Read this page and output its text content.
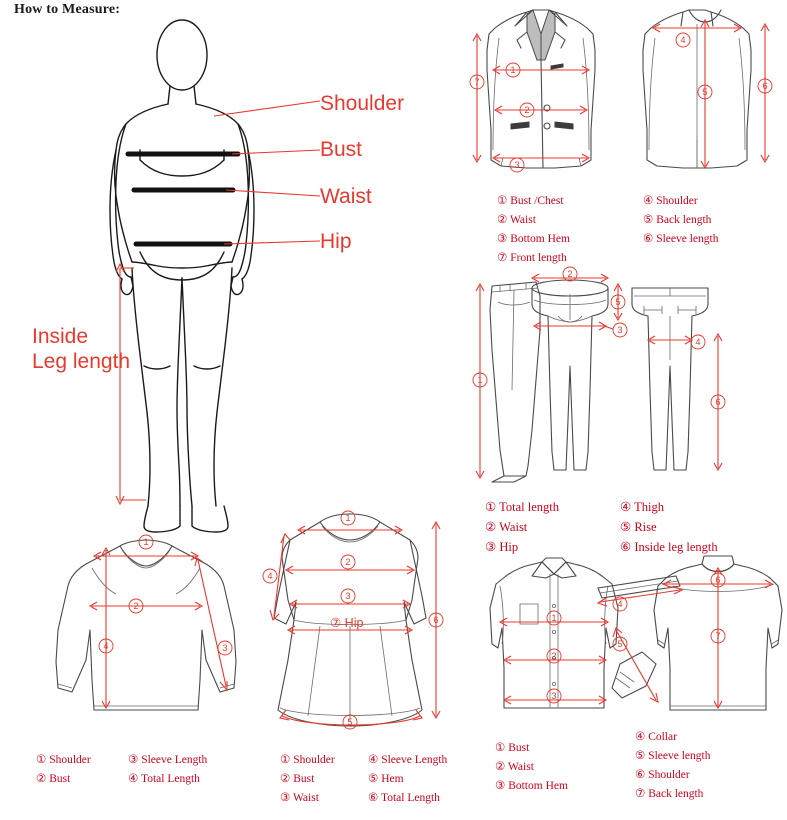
How to Measure:
Shoulder
Bust
Waist
Hip
Inside
Leg length
1
2
3
7
4
5
6
① Bust /Chest
② Waist
③ Bottom Hem
⑦ Front length
④ Shoulder
⑤ Back length
⑥ Sleeve length
1
2
3
5
4
6
① Total length
② Waist
③ Hip
④ Thigh
⑤ Rise
⑥ Inside leg length
1
2
3
4
① Shoulder
② Bust
③ Sleeve Length
④ Total Length
1
2
3
4
5
6
⑦ Hip
① Shoulder
② Bust
③ Waist
④ Sleeve Length
⑤ Hem
⑥ Total Length
1
2
3
4
5
6
7
① Bust
② Waist
③ Bottom Hem
④ Collar
⑤ Sleeve length
⑥ Shoulder
⑦ Back length
